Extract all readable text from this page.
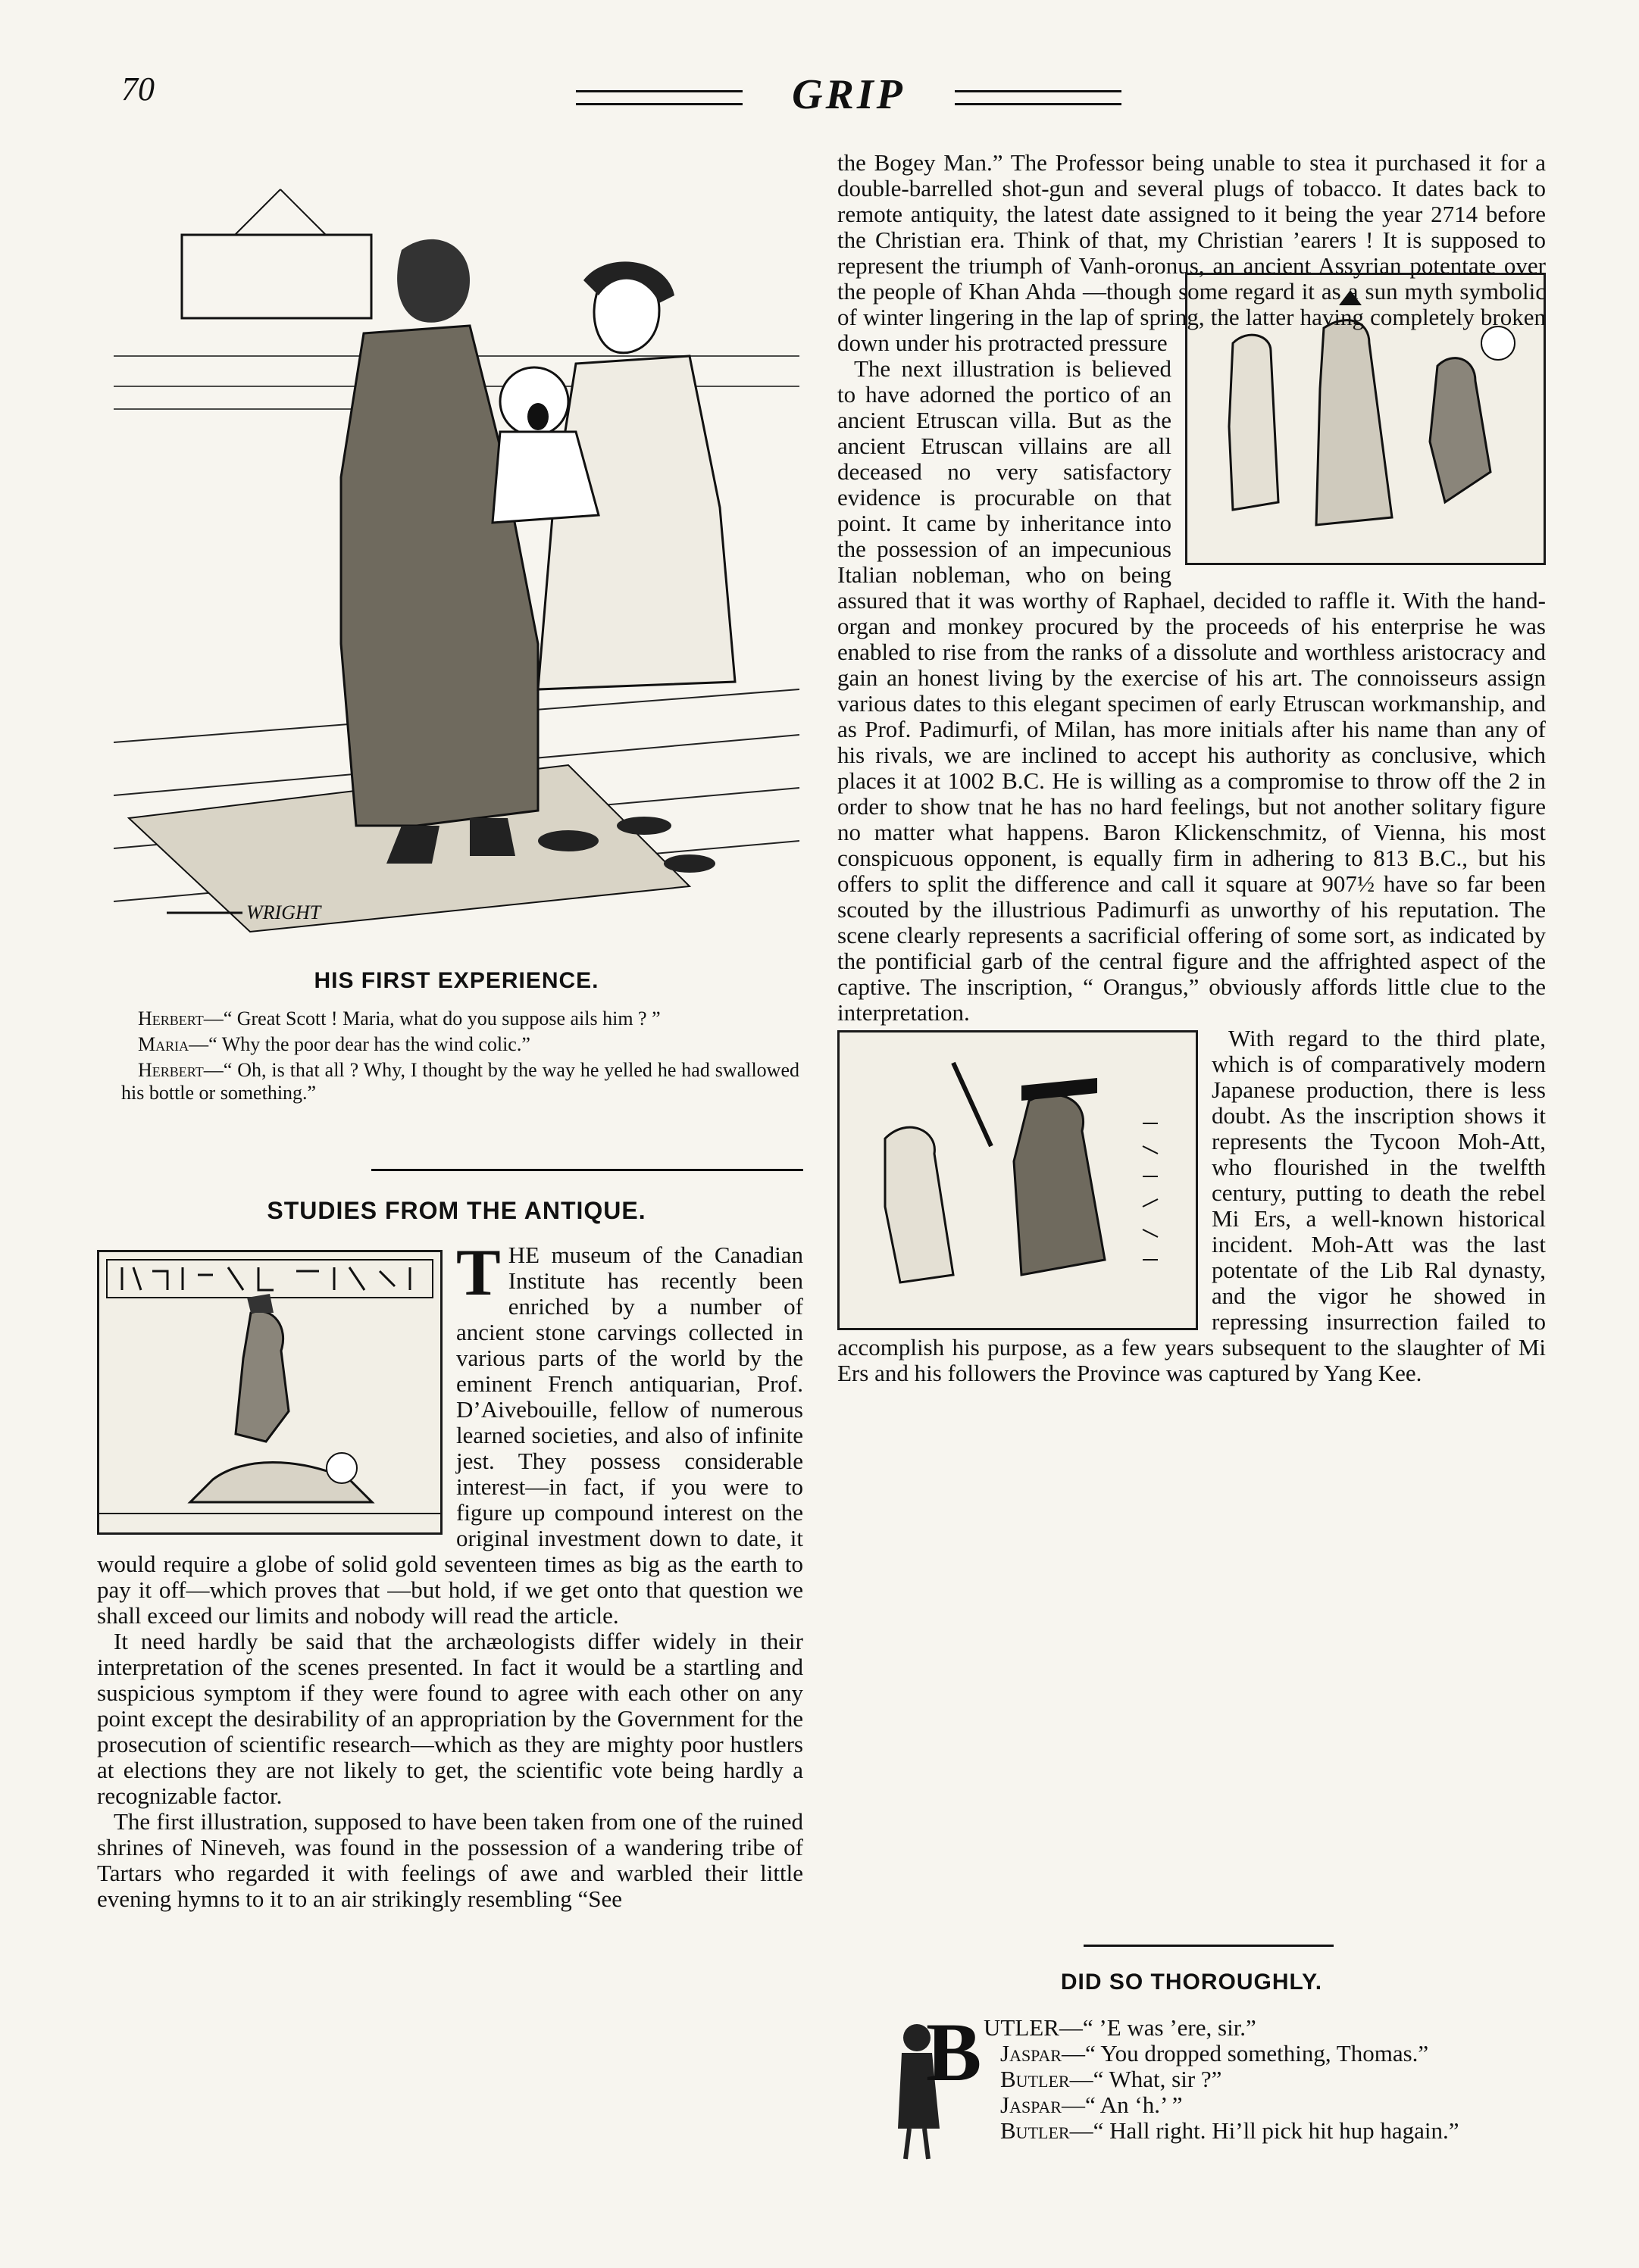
70	GRIP
WRIGHT
HIS FIRST EXPERIENCE.

Herbert—“ Great Scott ! Maria, what do you suppose ails him ? ”

Maria—“ Why the poor dear has the wind colic.”

Herbert—“ Oh, is that all ? Why, I thought by the way he yelled he had swallowed his bottle or something.”

STUDIES FROM THE ANTIQUE.

THE museum of the Canadian Institute has recently been enriched by a number of ancient stone carvings collected in various parts of the world by the eminent French antiquarian, Prof. D’Aivebouille, fellow of numerous learned societies, and also of infinite jest. They possess considerable interest—in fact, if you were to figure up compound interest on the original investment down to date, it would require a globe of solid gold seventeen times as big as the earth to pay it off—which proves that —but hold, if we get onto that question we shall exceed our limits and nobody will read the article.

It need hardly be said that the archæologists differ widely in their interpretation of the scenes presented. In fact it would be a startling and suspicious symptom if they were found to agree with each other on any point except the desirability of an appropriation by the Government for the prosecution of scientific research—which as they are mighty poor hustlers at elections they are not likely to get, the scientific vote being hardly a recognizable factor.

The first illustration, supposed to have been taken from one of the ruined shrines of Nineveh, was found in the possession of a wandering tribe of Tartars who regarded it with feelings of awe and warbled their little evening hymns to it to an air strikingly resembling “See

the Bogey Man.” The Professor being unable to stea it purchased it for a double-barrelled shot-gun and several plugs of tobacco. It dates back to remote antiquity, the latest date assigned to it being the year 2714 before the Christian era. Think of that, my Christian ’earers ! It is supposed to represent the triumph of Vanh-oronus, an ancient Assyrian potentate over the people of Khan Ahda —though some regard it as a sun myth symbolic of winter lingering in the lap of spring, the latter having completely broken down under his protracted pressure

The next illustration is believed to have adorned the portico of an ancient Etruscan villa. But as the ancient Etruscan villains are all deceased no very satisfactory evidence is procurable on that point. It came by inheritance into the possession of an impecunious Italian nobleman, who on being assured that it was worthy of Raphael, decided to raffle it. With the hand-organ and monkey procured by the proceeds of his enterprise he was enabled to rise from the ranks of a dissolute and worthless aristocracy and gain an honest living by the exercise of his art. The connoisseurs assign various dates to this elegant specimen of early Etruscan workmanship, and as Prof. Padimurfi, of Milan, has more initials after his name than any of his rivals, we are inclined to accept his authority as conclusive, which places it at 1002 B.C. He is willing as a compromise to throw off the 2 in order to show tnat he has no hard feelings, but not another solitary figure no matter what happens. Baron Klickenschmitz, of Vienna, his most conspicuous opponent, is equally firm in adhering to 813 B.C., but his offers to split the difference and call it square at 907½ have so far been scouted by the illustrious Padimurfi as unworthy of his reputation. The scene clearly represents a sacrificial offering of some sort, as indicated by the pontificial garb of the central figure and the affrighted aspect of the captive. The inscription, “ Orangus,” obviously affords little clue to the interpretation.

With regard to the third plate, which is of comparatively modern Japanese production, there is less doubt. As the inscription shows it represents the Tycoon Moh-Att, who flourished in the twelfth century, putting to death the rebel Mi Ers, a well-known historical incident. Moh-Att was the last potentate of the Lib Ral dynasty, and the vigor he showed in repressing insurrection failed to accomplish his purpose, as a few years subsequent to the slaughter of Mi Ers and his followers the Province was captured by Yang Kee.

DID SO THOROUGHLY.
B UTLER—“ ’E was ’ere, sir.”

Jaspar—“ You dropped something, Thomas.”

Butler—“ What, sir ?”

Jaspar—“ An ‘h.’ ”

Butler—“ Hall right. Hi’ll pick hit hup hagain.”
